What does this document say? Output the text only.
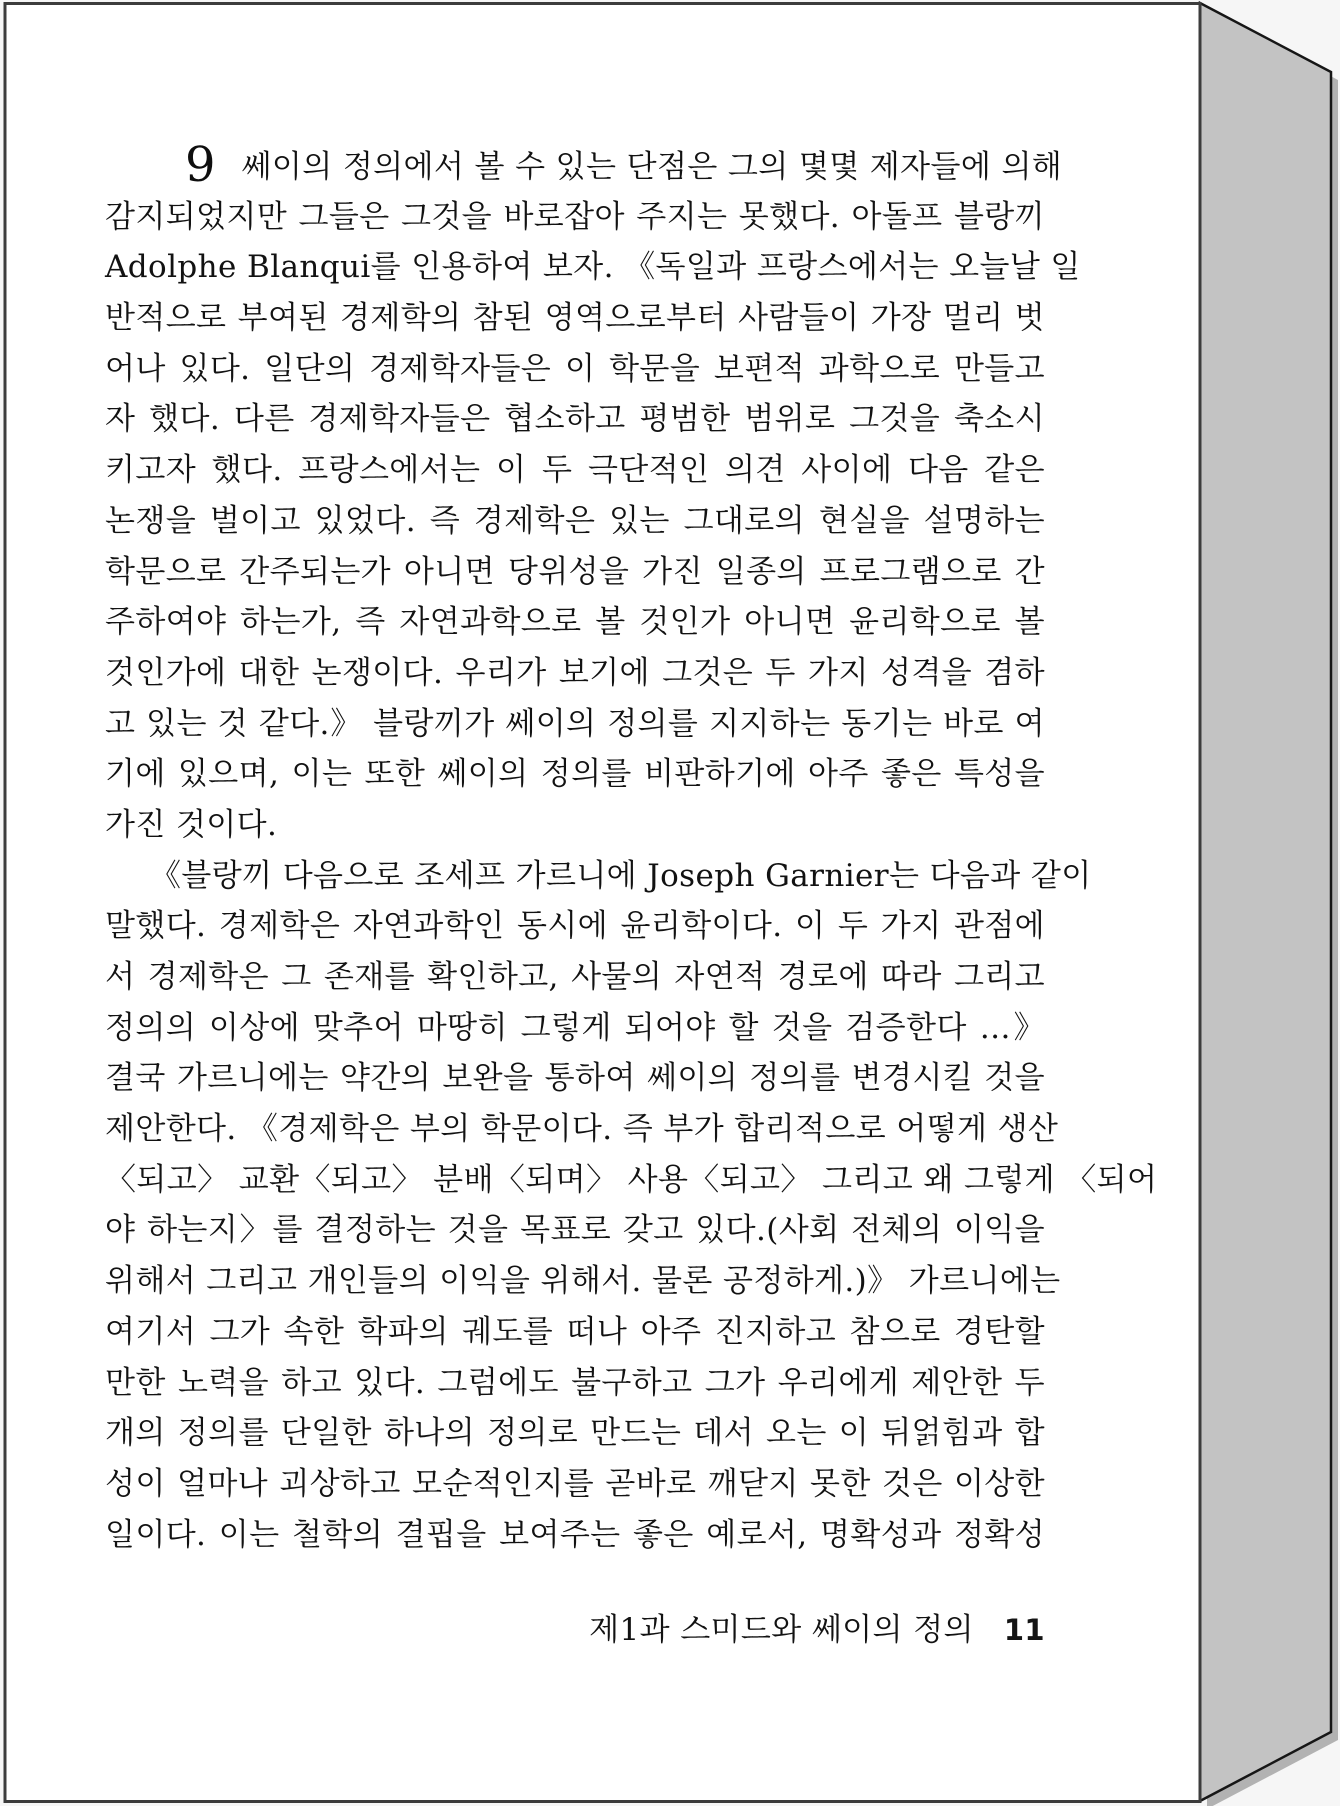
9 쎄이의 정의에서 볼 수 있는 단점은 그의 몇몇 제자들에 의해
감지되었지만 그들은 그것을 바로잡아 주지는 못했다. 아돌프 블랑끼
Adolphe Blanqui를 인용하여 보자. 《독일과 프랑스에서는 오늘날 일
반적으로 부여된 경제학의 참된 영역으로부터 사람들이 가장 멀리 벗
어나 있다. 일단의 경제학자들은 이 학문을 보편적 과학으로 만들고
자 했다. 다른 경제학자들은 협소하고 평범한 범위로 그것을 축소시
키고자 했다. 프랑스에서는 이 두 극단적인 의견 사이에 다음 같은
논쟁을 벌이고 있었다. 즉 경제학은 있는 그대로의 현실을 설명하는
학문으로 간주되는가 아니면 당위성을 가진 일종의 프로그램으로 간
주하여야 하는가, 즉 자연과학으로 볼 것인가 아니면 윤리학으로 볼
것인가에 대한 논쟁이다. 우리가 보기에 그것은 두 가지 성격을 겸하
고 있는 것 같다.》 블랑끼가 쎄이의 정의를 지지하는 동기는 바로 여
기에 있으며, 이는 또한 쎄이의 정의를 비판하기에 아주 좋은 특성을
가진 것이다.
《블랑끼 다음으로 조세프 가르니에 Joseph Garnier는 다음과 같이
말했다. 경제학은 자연과학인 동시에 윤리학이다. 이 두 가지 관점에
서 경제학은 그 존재를 확인하고, 사물의 자연적 경로에 따라 그리고
정의의 이상에 맞추어 마땅히 그렇게 되어야 할 것을 검증한다 …》
결국 가르니에는 약간의 보완을 통하여 쎄이의 정의를 변경시킬 것을
제안한다. 《경제학은 부의 학문이다. 즉 부가 합리적으로 어떻게 생산
〈되고〉 교환〈되고〉 분배〈되며〉 사용〈되고〉 그리고 왜 그렇게 〈되어
야 하는지〉를 결정하는 것을 목표로 갖고 있다.(사회 전체의 이익을
위해서 그리고 개인들의 이익을 위해서. 물론 공정하게.)》 가르니에는
여기서 그가 속한 학파의 궤도를 떠나 아주 진지하고 참으로 경탄할
만한 노력을 하고 있다. 그럼에도 불구하고 그가 우리에게 제안한 두
개의 정의를 단일한 하나의 정의로 만드는 데서 오는 이 뒤얽힘과 합
성이 얼마나 괴상하고 모순적인지를 곧바로 깨닫지 못한 것은 이상한
일이다. 이는 철학의 결핍을 보여주는 좋은 예로서, 명확성과 정확성
제1과 스미드와 쎄이의 정의 11
